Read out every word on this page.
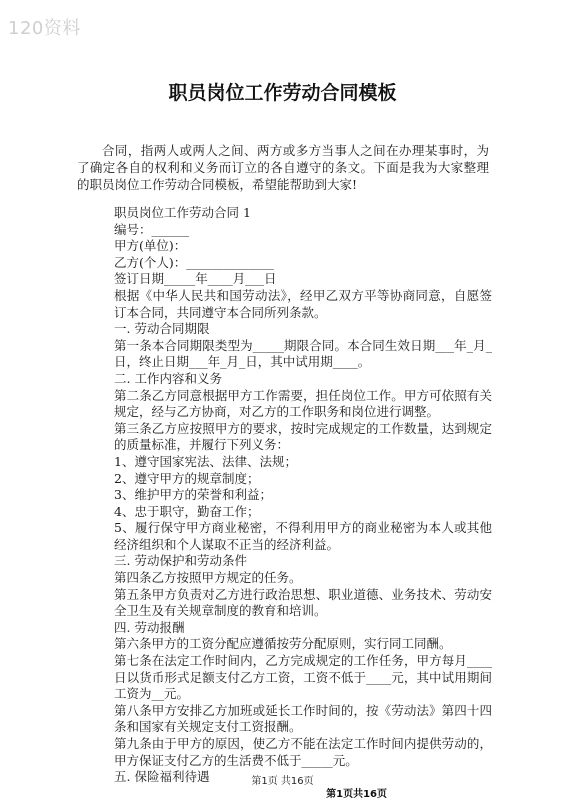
120资料
职员岗位工作劳动合同模板

合同，指两人或两人之间、两方或多方当事人之间在办理某事时，为了确定各自的权利和义务而订立的各自遵守的条文。下面是我为大家整理的职员岗位工作劳动合同模板，希望能帮助到大家!

职员岗位工作劳动合同 1

编号：______

甲方(单位)：

乙方(个人)：______________

签订日期_____年____月___日

根据《中华人民共和国劳动法》，经甲乙双方平等协商同意，自愿签订本合同，共同遵守本合同所列条款。

一. 劳动合同期限

第一条本合同期限类型为_____期限合同。本合同生效日期___年_月_日，终止日期___年_月_日，其中试用期____。

二. 工作内容和义务

第二条乙方同意根据甲方工作需要，担任岗位工作。甲方可依照有关规定，经与乙方协商，对乙方的工作职务和岗位进行调整。

第三条乙方应按照甲方的要求，按时完成规定的工作数量，达到规定的质量标准，并履行下列义务：

1、遵守国家宪法、法律、法规；

2、遵守甲方的规章制度；

3、维护甲方的荣誉和利益；

4、忠于职守，勤奋工作；

5、履行保守甲方商业秘密，不得利用甲方的商业秘密为本人或其他经济组织和个人谋取不正当的经济利益。

三. 劳动保护和劳动条件

第四条乙方按照甲方规定的任务。

第五条甲方负责对乙方进行政治思想、职业道德、业务技术、劳动安全卫生及有关规章制度的教育和培训。

四. 劳动报酬

第六条甲方的工资分配应遵循按劳分配原则，实行同工同酬。

第七条在法定工作时间内，乙方完成规定的工作任务，甲方每月____日以货币形式足额支付乙方工资，工资不低于____元，其中试用期间工资为__元。

第八条甲方安排乙方加班或延长工作时间的，按《劳动法》第四十四条和国家有关规定支付工资报酬。

第九条由于甲方的原因，使乙方不能在法定工作时间内提供劳动的，甲方保证支付乙方的生活费不低于_____元。

五. 保险福利待遇	第1页 共16页
第1页共16页
